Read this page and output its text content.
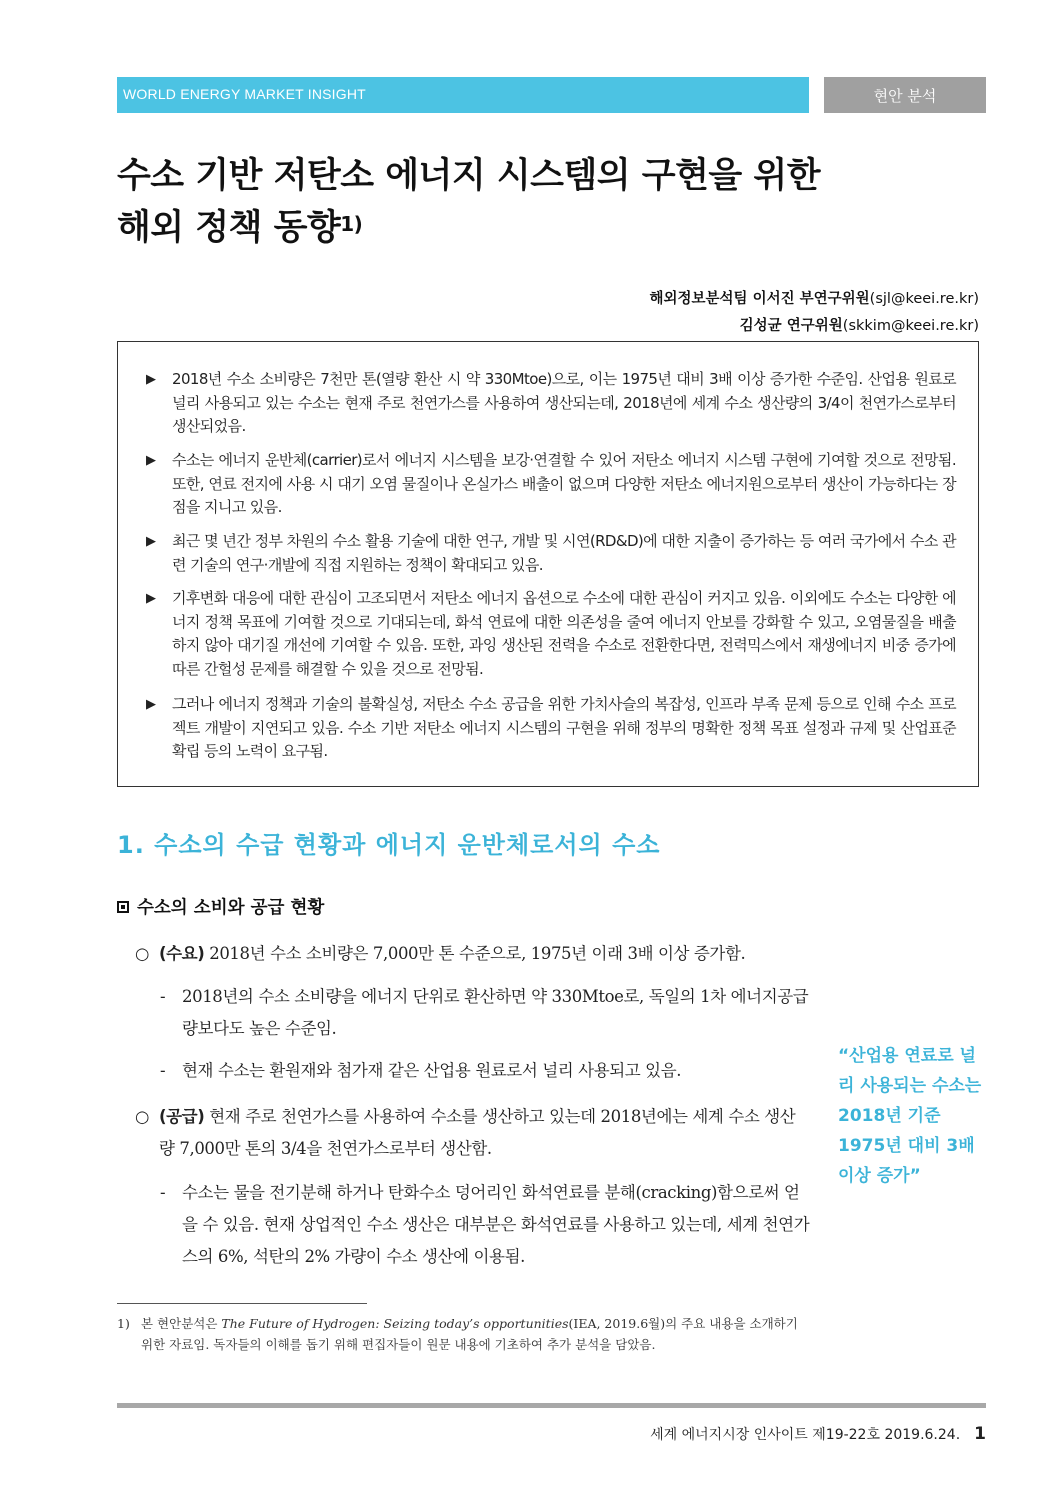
WORLD ENERGY MARKET INSIGHT	현안 분석
수소 기반 저탄소 에너지 시스템의 구현을 위한
해외 정책 동향$^{1)}$
해외정보분석팀 이서진 부연구위원(sjl@keei.re.kr)
김성균 연구위원(skkim@keei.re.kr)
▶ 2018년 수소 소비량은 7천만 톤(열량 환산 시 약 330Mtoe)으로, 이는 1975년 대비 3배 이상 증가한 수준임. 산업용 원료로 널리 사용되고 있는 수소는 현재 주로 천연가스를 사용하여 생산되는데, 2018년에 세계 수소 생산량의 3/4이 천연가스로부터 생산되었음.
▶ 수소는 에너지 운반체(carrier)로서 에너지 시스템을 보강·연결할 수 있어 저탄소 에너지 시스템 구현에 기여할 것으로 전망됨. 또한, 연료 전지에 사용 시 대기 오염 물질이나 온실가스 배출이 없으며 다양한 저탄소 에너지원으로부터 생산이 가능하다는 장점을 지니고 있음.
▶ 최근 몇 년간 정부 차원의 수소 활용 기술에 대한 연구, 개발 및 시연(RD&D)에 대한 지출이 증가하는 등 여러 국가에서 수소 관련 기술의 연구·개발에 직접 지원하는 정책이 확대되고 있음.
▶ 기후변화 대응에 대한 관심이 고조되면서 저탄소 에너지 옵션으로 수소에 대한 관심이 커지고 있음. 이외에도 수소는 다양한 에너지 정책 목표에 기여할 것으로 기대되는데, 화석 연료에 대한 의존성을 줄여 에너지 안보를 강화할 수 있고, 오염물질을 배출하지 않아 대기질 개선에 기여할 수 있음. 또한, 과잉 생산된 전력을 수소로 전환한다면, 전력믹스에서 재생에너지 비중 증가에 따른 간헐성 문제를 해결할 수 있을 것으로 전망됨.
▶ 그러나 에너지 정책과 기술의 불확실성, 저탄소 수소 공급을 위한 가치사슬의 복잡성, 인프라 부족 문제 등으로 인해 수소 프로젝트 개발이 지연되고 있음. 수소 기반 저탄소 에너지 시스템의 구현을 위해 정부의 명확한 정책 목표 설정과 규제 및 산업표준 확립 등의 노력이 요구됨.
1. 수소의 수급 현황과 에너지 운반체로서의 수소
수소의 소비와 공급 현황
○ (수요) 2018년 수소 소비량은 7,000만 톤 수준으로, 1975년 이래 3배 이상 증가함.
- 2018년의 수소 소비량을 에너지 단위로 환산하면 약 330Mtoe로, 독일의 1차 에너지공급량보다도 높은 수준임.
- 현재 수소는 환원재와 첨가재 같은 산업용 원료로서 널리 사용되고 있음.
○ (공급) 현재 주로 천연가스를 사용하여 수소를 생산하고 있는데 2018년에는 세계 수소 생산량 7,000만 톤의 3/4을 천연가스로부터 생산함.
- 수소는 물을 전기분해 하거나 탄화수소 덩어리인 화석연료를 분해(cracking)함으로써 얻을 수 있음. 현재 상업적인 수소 생산은 대부분은 화석연료를 사용하고 있는데, 세계 천연가스의 6%, 석탄의 2% 가량이 수소 생산에 이용됨.
“산업용 연료로 널리 사용되는 수소는 2018년 기준 1975년 대비 3배 이상 증가”
1) 본 현안분석은 The Future of Hydrogen: Seizing today’s opportunities(IEA, 2019.6월)의 주요 내용을 소개하기 위한 자료임. 독자들의 이해를 돕기 위해 편집자들이 원문 내용에 기초하여 추가 분석을 담았음.
세계 에너지시장 인사이트 제19-22호 2019.6.24. 1
